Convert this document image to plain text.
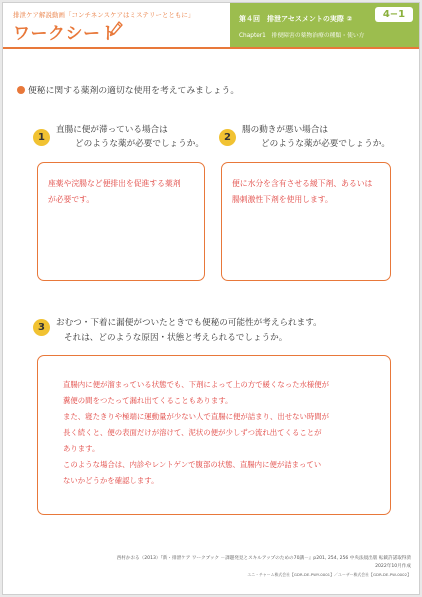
排泄ケア解説動画「コンチネンスケアはミステリーとともに」
ワークシート
第４回　排泄アセスメントの実際 ②
Chapter1　排便障害の薬物治療の種類・使い方
4−1
便秘に関する薬剤の適切な使用を考えてみましょう。
1
直腸に便が滞っている場合は
どのような薬が必要でしょうか。
座薬や浣腸など便排出を促進する薬剤
が必要です。
2
腸の動きが悪い場合は
どのような薬が必要でしょうか。
便に水分を含有させる緩下剤、あるいは
腸刺激性下剤を使用します。
3	おむつ・下着に漏便がついたときでも便秘の可能性が考えられます。
それは、どのような原因・状態と考えられるでしょうか。
直腸内に便が溜まっている状態でも、下剤によって上の方で緩くなった水様便が
糞便の間をつたって漏れ出てくることもあります。
また、寝たきりや極端に運動量が少ない人で直腸に便が詰まり、出せない時間が
長く続くと、便の表面だけが溶けて、泥状の便が少しずつ流れ出てくることが
あります。
このような場合は、内診やレントゲンで腹部の状態、直腸内に便が詰まってい
ないかどうかを確認します。
西村かおる（2013）『新・排泄ケア ワークブック －課題発見とスキルアップのための70講－』p201, 254, 256 中央法規出版 転載許諾取得済
2022年10月作成
ユニ・チャーム株式会社【GDR-DE-PWY-0001】／ユーザー株式会社【GDR-DE-PW-0002】
